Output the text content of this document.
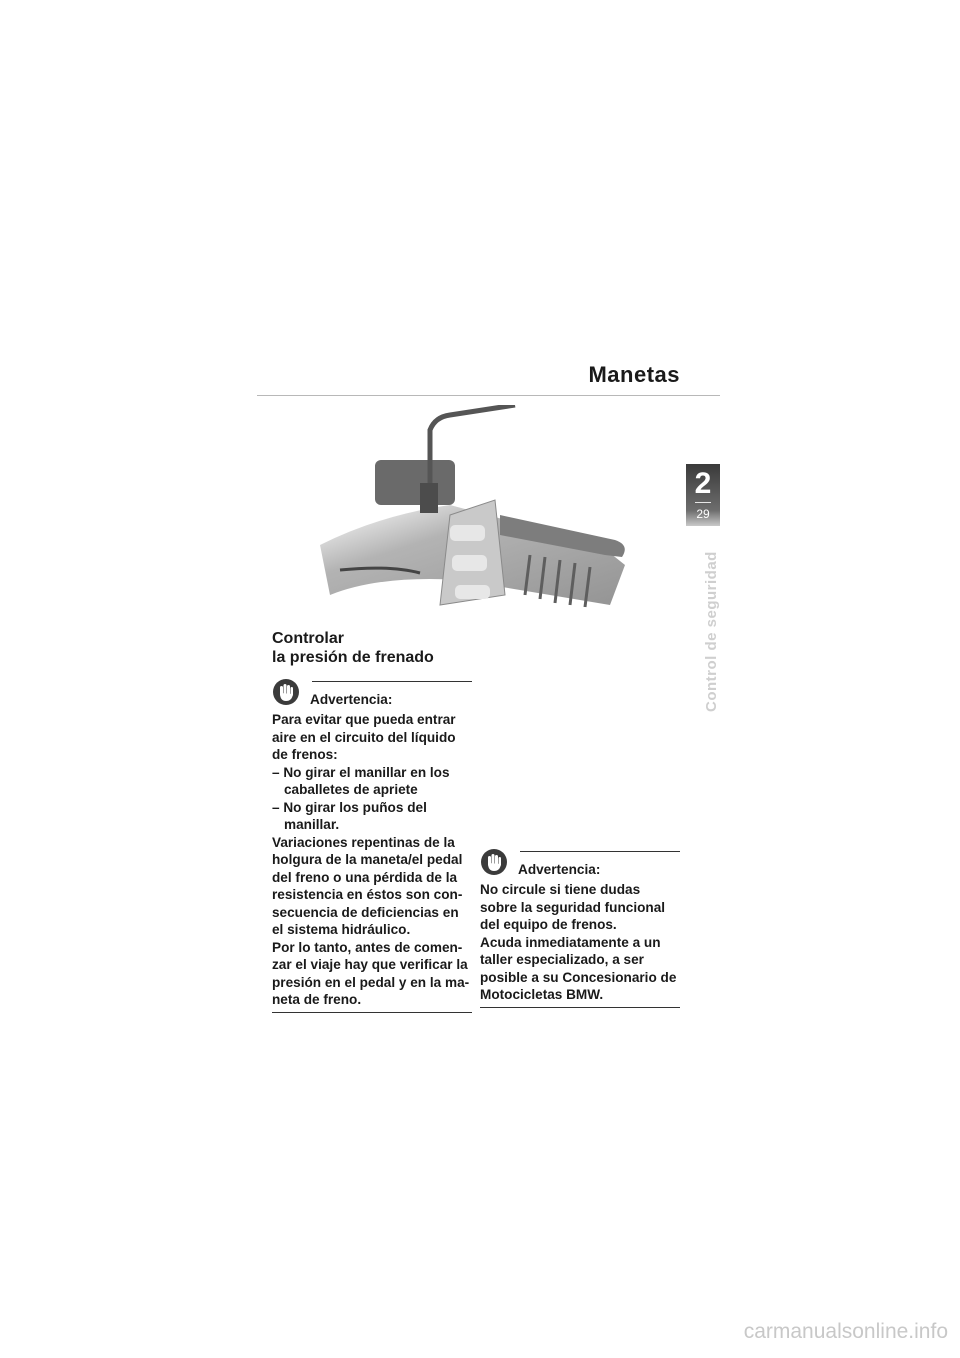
Manetas
2
29
Control de seguridad
Controlar
la presión de frenado
Advertencia:

Para evitar que pueda entrar aire en el circuito del líquido de frenos:

– No girar el manillar en los caballetes de apriete

– No girar los puños del manillar.

Variaciones repentinas de la holgura de la maneta/el pedal del freno o una pérdida de la resistencia en éstos son con- secuencia de deficiencias en el sistema hidráulico.

Por lo tanto, antes de comen- zar el viaje hay que verificar la presión en el pedal y en la ma- neta de freno.

Advertencia:

No circule si tiene dudas sobre la seguridad funcional del equipo de frenos.

Acuda inmediatamente a un taller especializado, a ser posible a su Concesionario de Motocicletas BMW.

carmanualsonline.info
